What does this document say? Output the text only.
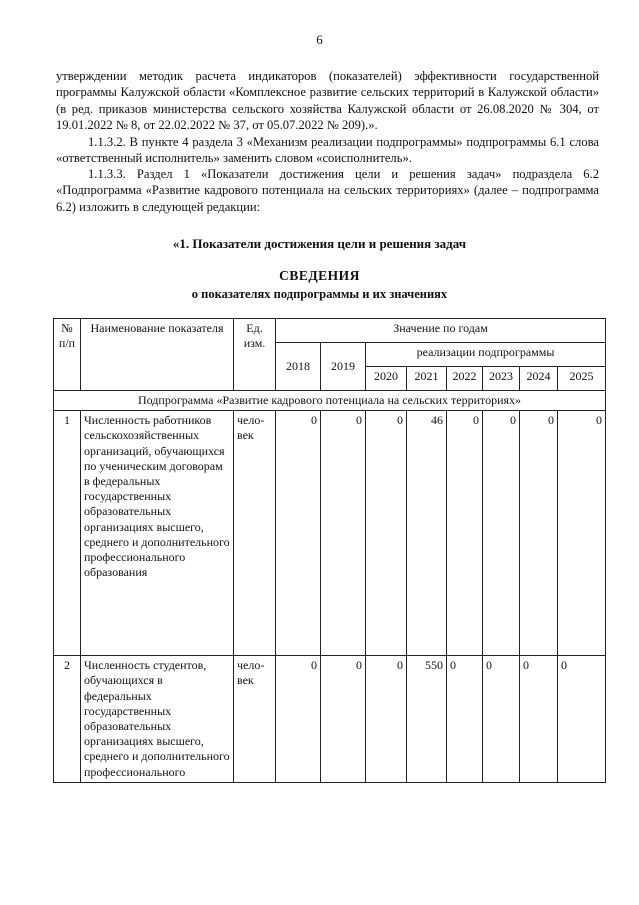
6

утверждении методик расчета индикаторов (показателей) эффективности государственной программы Калужской области «Комплексное развитие сельских территорий в Калужской области» (в ред. приказов министерства сельского хозяйства Калужской области от 26.08.2020 № 304, от 19.01.2022 № 8, от 22.02.2022 № 37, от 05.07.2022 № 209).».

1.1.3.2. В пункте 4 раздела 3 «Механизм реализации подпрограммы» подпрограммы 6.1 слова «ответственный исполнитель» заменить словом «соисполнитель».

1.1.3.3. Раздел 1 «Показатели достижения цели и решения задач» подраздела 6.2 «Подпрограмма «Развитие кадрового потенциала на сельских территориях» (далее – подпрограмма 6.2) изложить в следующей редакции:

«1. Показатели достижения цели и решения задач
СВЕДЕНИЯ
о показателях подпрограммы и их значениях
№ п/п	Наименование показателя	Ед. изм.	Значение по годам							
			2018	2019	реализации подпрограммы					
					2020	2021	2022	2023	2024	2025
Подпрограмма «Развитие кадрового потенциала на сельских территориях»										
1	Численность работников сельскохозяйственных организаций, обучающихся по ученическим договорам в федеральных государственных образовательных организациях высшего, среднего и дополнительного профессионального образования	чело-век	0	0	0	46	0	0	0	0
2	Численность студентов, обучающихся в федеральных государственных образовательных организациях высшего, среднего и дополнительного профессионального	чело-век	0	0	0	550	0	0	0	0
